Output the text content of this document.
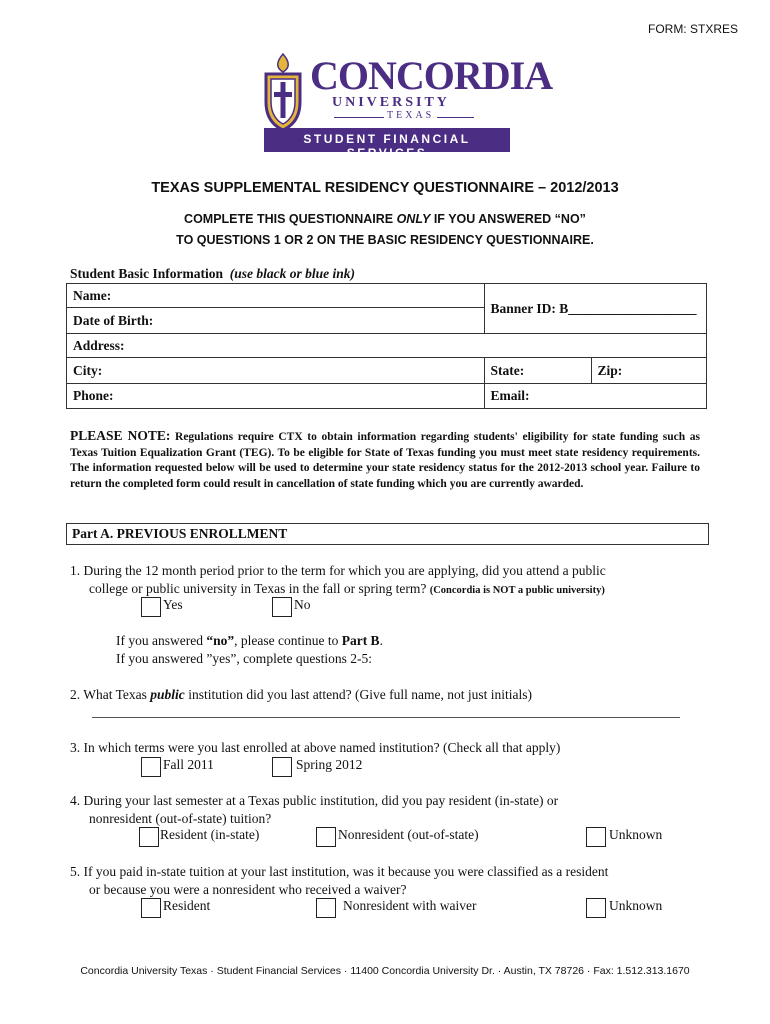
FORM: STXRES
CONCORDIA
UNIVERSITY
TEXAS
STUDENT FINANCIAL SERVICES
TEXAS SUPPLEMENTAL RESIDENCY QUESTIONNAIRE – 2012/2013
COMPLETE THIS QUESTIONNAIRE ONLY IF YOU ANSWERED “NO”
TO QUESTIONS 1 OR 2 ON THE BASIC RESIDENCY QUESTIONNAIRE.
Student Basic Information (use black or blue ink)
Name:	Banner ID: B___________________	
Date of Birth:		
Address:		
City:	State:	Zip:
Phone:	Email:	
PLEASE NOTE: Regulations require CTX to obtain information regarding students' eligibility for state funding such as Texas Tuition Equalization Grant (TEG). To be eligible for State of Texas funding you must meet state residency requirements. The information requested below will be used to determine your state residency status for the 2012-2013 school year. Failure to return the completed form could result in cancellation of state funding which you are currently awarded.
Part A. PREVIOUS ENROLLMENT
1. During the 12 month period prior to the term for which you are applying, did you attend a public
college or public university in Texas in the fall or spring term? (Concordia is NOT a public university)
Yes	No
If you answered “no”, please continue to Part B.
If you answered ”yes”, complete questions 2-5:
2. What Texas public institution did you last attend? (Give full name, not just initials)
3. In which terms were you last enrolled at above named institution? (Check all that apply)
Fall 2011	Spring 2012
4. During your last semester at a Texas public institution, did you pay resident (in-state) or
nonresident (out-of-state) tuition?
Resident (in-state)	Nonresident (out-of-state)	Unknown
5. If you paid in-state tuition at your last institution, was it because you were classified as a resident
or because you were a nonresident who received a waiver?
Resident	Nonresident with waiver	Unknown
Concordia University Texas · Student Financial Services · 11400 Concordia University Dr. · Austin, TX 78726 · Fax: 1.512.313.1670
